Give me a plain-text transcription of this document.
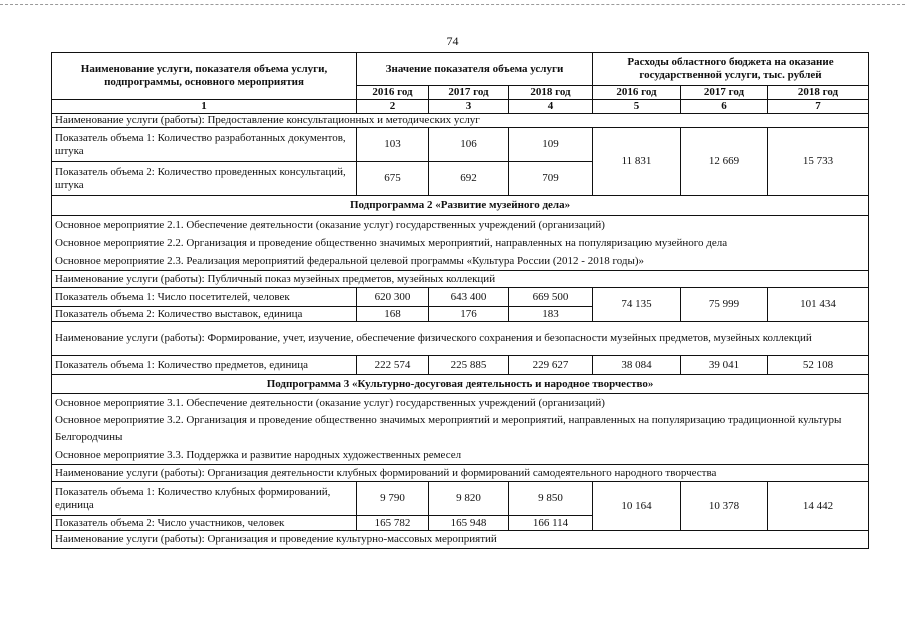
74
Наименование услуги, показателя объема услуги, подпрограммы, основного мероприятия	Значение показателя объема услуги			Расходы областного бюджета на оказание государственной услуги, тыс. рублей		
	2016 год	2017 год	2018 год	2016 год	2017 год	2018 год
1	2	3	4	5	6	7
Наименование услуги (работы): Предоставление консультационных и методических услуг						
Показатель объема 1: Количество разработанных документов, штука	103	106	109	11 831	12 669	15 733
Показатель объема 2: Количество проведенных консультаций, штука	675	692	709			
Подпрограмма 2 «Развитие музейного дела»						

Основное мероприятие 2.1. Обеспечение деятельности (оказание услуг) государственных учреждений (организаций)
Основное мероприятие 2.2. Организация и проведение общественно значимых мероприятий, направленных на популяризацию музейного дела
Основное мероприятие 2.3. Реализация мероприятий федеральной целевой программы «Культура России (2012 - 2018 годы)»						

Наименование услуги (работы): Публичный показ музейных предметов, музейных коллекций						
Показатель объема 1: Число посетителей, человек	620 300	643 400	669 500	74 135	75 999	101 434
Показатель объема 2: Количество выставок, единица	168	176	183			
Наименование услуги (работы): Формирование, учет, изучение, обеспечение физического сохранения и безопасности музейных предметов, музейных коллекций						
Показатель объема 1: Количество предметов, единица	222 574	225 885	229 627	38 084	39 041	52 108
Подпрограмма 3 «Культурно-досуговая деятельность и народное творчество»						

Основное мероприятие 3.1. Обеспечение деятельности (оказание услуг) государственных учреждений (организаций)
Основное мероприятие 3.2. Организация и проведение общественно значимых мероприятий и мероприятий, направленных на популяризацию традиционной культуры Белгородчины
Основное мероприятие 3.3. Поддержка и развитие народных художественных ремесел						

Наименование услуги (работы): Организация деятельности клубных формирований и формирований самодеятельного народного творчества						
Показатель объема 1: Количество клубных формирований, единица	9 790	9 820	9 850	10 164	10 378	14 442
Показатель объема 2: Число участников, человек	165 782	165 948	166 114			
Наименование услуги (работы): Организация и проведение культурно-массовых мероприятий						
